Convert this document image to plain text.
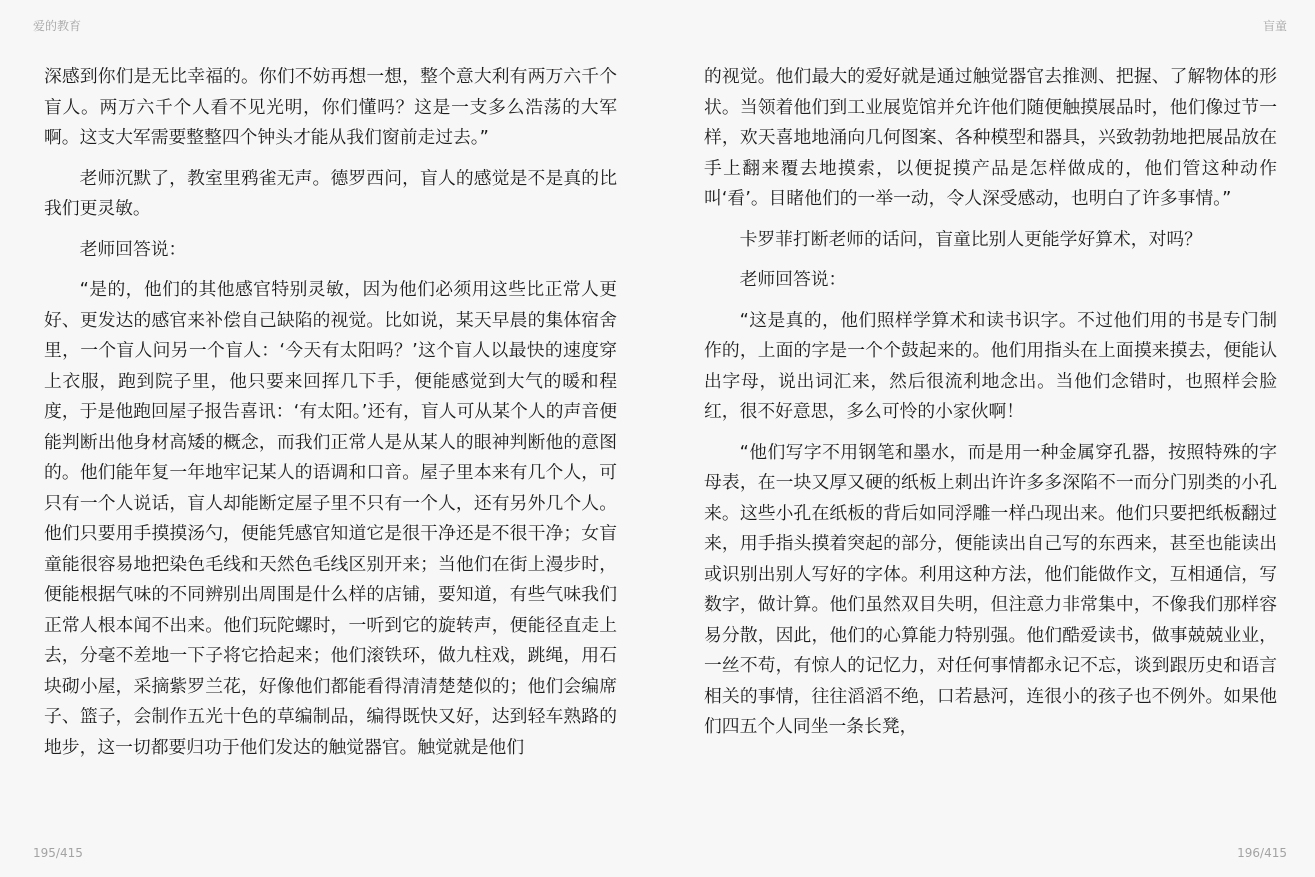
爱的教育	盲童

深感到你们是无比幸福的。你们不妨再想一想，整个意大利有两万六千个盲人。两万六千个人看不见光明，你们懂吗？这是一支多么浩荡的大军啊。这支大军需要整整四个钟头才能从我们窗前走过去。”

老师沉默了，教室里鸦雀无声。德罗西问，盲人的感觉是不是真的比我们更灵敏。

老师回答说：

“是的，他们的其他感官特别灵敏，因为他们必须用这些比正常人更好、更发达的感官来补偿自己缺陷的视觉。比如说，某天早晨的集体宿舍里，一个盲人问另一个盲人：‘今天有太阳吗？’这个盲人以最快的速度穿上衣服，跑到院子里，他只要来回挥几下手，便能感觉到大气的暖和程度，于是他跑回屋子报告喜讯：‘有太阳。’还有，盲人可从某个人的声音便能判断出他身材高矮的概念，而我们正常人是从某人的眼神判断他的意图的。他们能年复一年地牢记某人的语调和口音。屋子里本来有几个人，可只有一个人说话，盲人却能断定屋子里不只有一个人，还有另外几个人。他们只要用手摸摸汤勺，便能凭感官知道它是很干净还是不很干净；女盲童能很容易地把染色毛线和天然色毛线区别开来；当他们在街上漫步时，便能根据气味的不同辨别出周围是什么样的店铺，要知道，有些气味我们正常人根本闻不出来。他们玩陀螺时，一听到它的旋转声，便能径直走上去，分毫不差地一下子将它拾起来；他们滚铁环，做九柱戏，跳绳，用石块砌小屋，采摘紫罗兰花，好像他们都能看得清清楚楚似的；他们会编席子、篮子，会制作五光十色的草编制品，编得既快又好，达到轻车熟路的地步，这一切都要归功于他们发达的触觉器官。触觉就是他们

的视觉。他们最大的爱好就是通过触觉器官去推测、把握、了解物体的形状。当领着他们到工业展览馆并允许他们随便触摸展品时，他们像过节一样，欢天喜地地涌向几何图案、各种模型和器具，兴致勃勃地把展品放在手上翻来覆去地摸索，以便捉摸产品是怎样做成的，他们管这种动作叫‘看’。目睹他们的一举一动，令人深受感动，也明白了许多事情。”

卡罗菲打断老师的话问，盲童比别人更能学好算术，对吗？

老师回答说：

“这是真的，他们照样学算术和读书识字。不过他们用的书是专门制作的，上面的字是一个个鼓起来的。他们用指头在上面摸来摸去，便能认出字母，说出词汇来，然后很流利地念出。当他们念错时，也照样会脸红，很不好意思，多么可怜的小家伙啊！

“他们写字不用钢笔和墨水，而是用一种金属穿孔器，按照特殊的字母表，在一块又厚又硬的纸板上刺出许许多多深陷不一而分门别类的小孔来。这些小孔在纸板的背后如同浮雕一样凸现出来。他们只要把纸板翻过来，用手指头摸着突起的部分，便能读出自己写的东西来，甚至也能读出或识别出别人写好的字体。利用这种方法，他们能做作文，互相通信，写数字，做计算。他们虽然双目失明，但注意力非常集中，不像我们那样容易分散，因此，他们的心算能力特别强。他们酷爱读书，做事兢兢业业，一丝不苟，有惊人的记忆力，对任何事情都永记不忘，谈到跟历史和语言相关的事情，往往滔滔不绝，口若悬河，连很小的孩子也不例外。如果他们四五个人同坐一条长凳，

195/415	196/415
